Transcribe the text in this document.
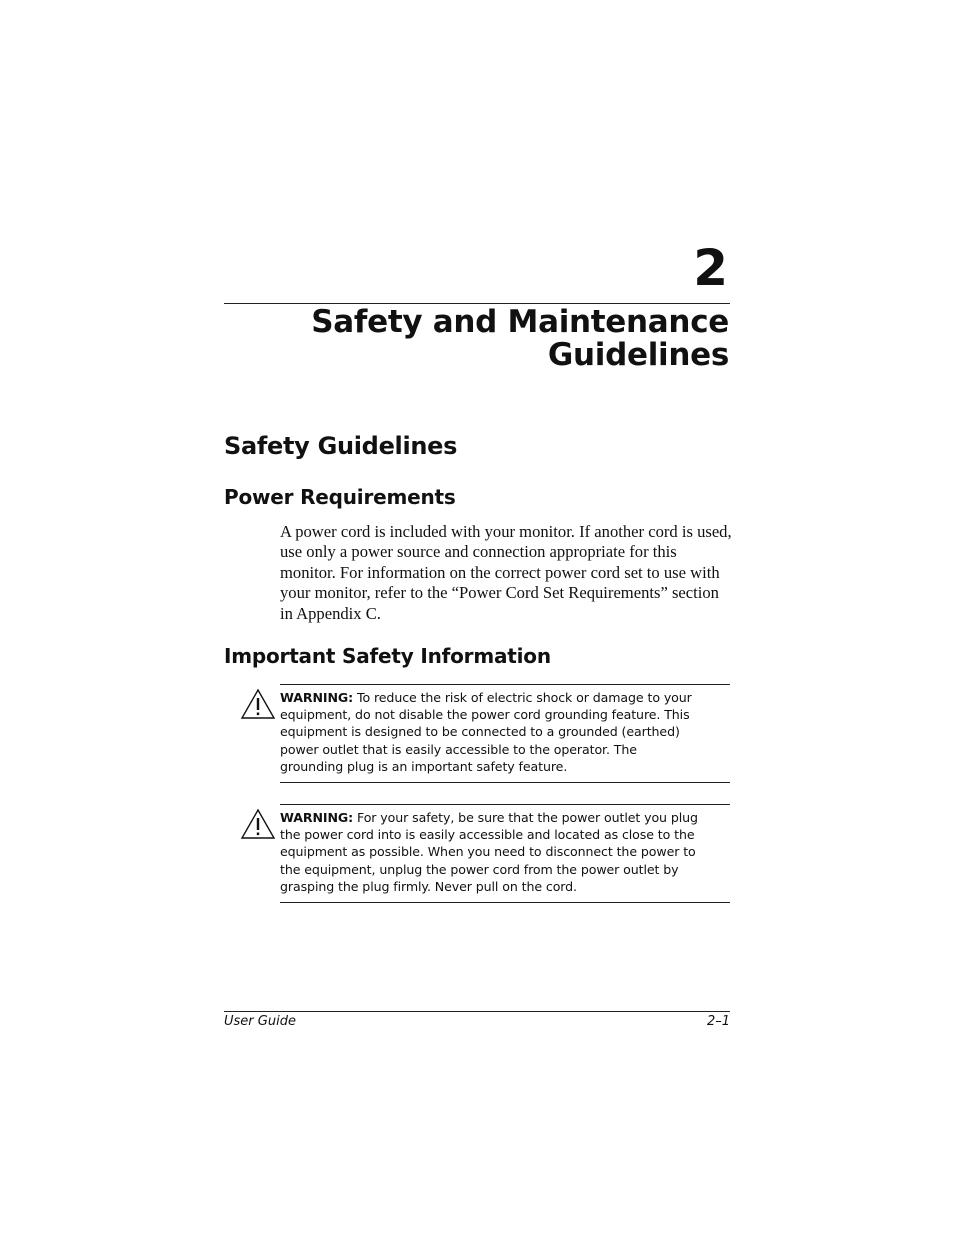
2
Safety and Maintenance
Guidelines
Safety Guidelines
Power Requirements

A power cord is included with your monitor. If another cord is used, use only a power source and connection appropriate for this monitor. For information on the correct power cord set to use with your monitor, refer to the “Power Cord Set Requirements” section in Appendix C.

Important Safety Information

WARNING: To reduce the risk of electric shock or damage to your equipment, do not disable the power cord grounding feature. This equipment is designed to be connected to a grounded (earthed) power outlet that is easily accessible to the operator. The grounding plug is an important safety feature.

WARNING: For your safety, be sure that the power outlet you plug the power cord into is easily accessible and located as close to the equipment as possible. When you need to disconnect the power to the equipment, unplug the power cord from the power outlet by grasping the plug firmly. Never pull on the cord.

User Guide	2–1
